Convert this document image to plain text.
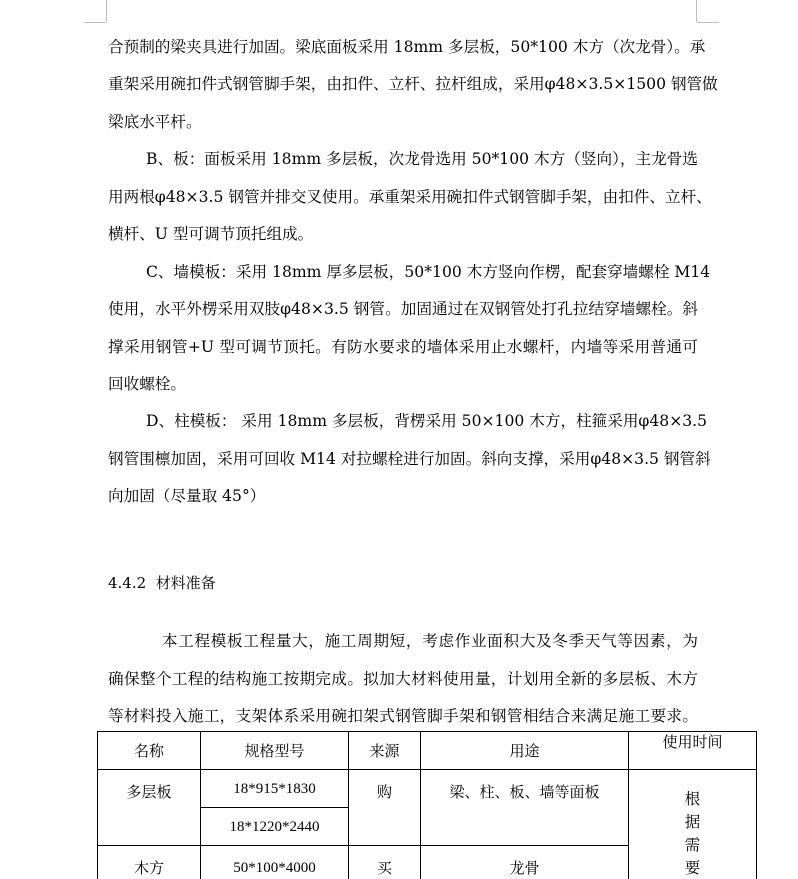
合预制的梁夹具进行加固。梁底面板采用 18mm 多层板，50*100 木方（次龙骨）。承
重架采用碗扣件式钢管脚手架，由扣件、立杆、拉杆组成，采用φ48×3.5×1500 钢管做
梁底水平杆。
B、板：面板采用 18mm 多层板，次龙骨选用 50*100 木方（竖向），主龙骨选
用两根φ48×3.5 钢管并排交叉使用。承重架采用碗扣件式钢管脚手架，由扣件、立杆、
横杆、U 型可调节顶托组成。
C、墙模板：采用 18mm 厚多层板，50*100 木方竖向作楞，配套穿墙螺栓 M14
使用，水平外楞采用双肢φ48×3.5 钢管。加固通过在双钢管处打孔拉结穿墙螺栓。斜
撑采用钢管+U 型可调节顶托。有防水要求的墙体采用止水螺杆，内墙等采用普通可
回收螺栓。
D、柱模板： 采用 18mm 多层板，背楞采用 50×100 木方，柱箍采用φ48×3.5
钢管围檩加固，采用可回收 M14 对拉螺栓进行加固。斜向支撑，采用φ48×3.5 钢管斜
向加固（尽量取 45°）
4.4.2 材料准备
本工程模板工程量大，施工周期短，考虑作业面积大及冬季天气等因素，为
确保整个工程的结构施工按期完成。拟加大材料使用量，计划用全新的多层板、木方
等材料投入施工，支架体系采用碗扣架式钢管脚手架和钢管相结合来满足施工要求。
名称	规格型号	来源	用途	使用时间
多层板	18*915*1830	购	梁、柱、板、墙等面板	根据需要
	18*1220*2440			
木方	50*100*4000	买	龙骨	
